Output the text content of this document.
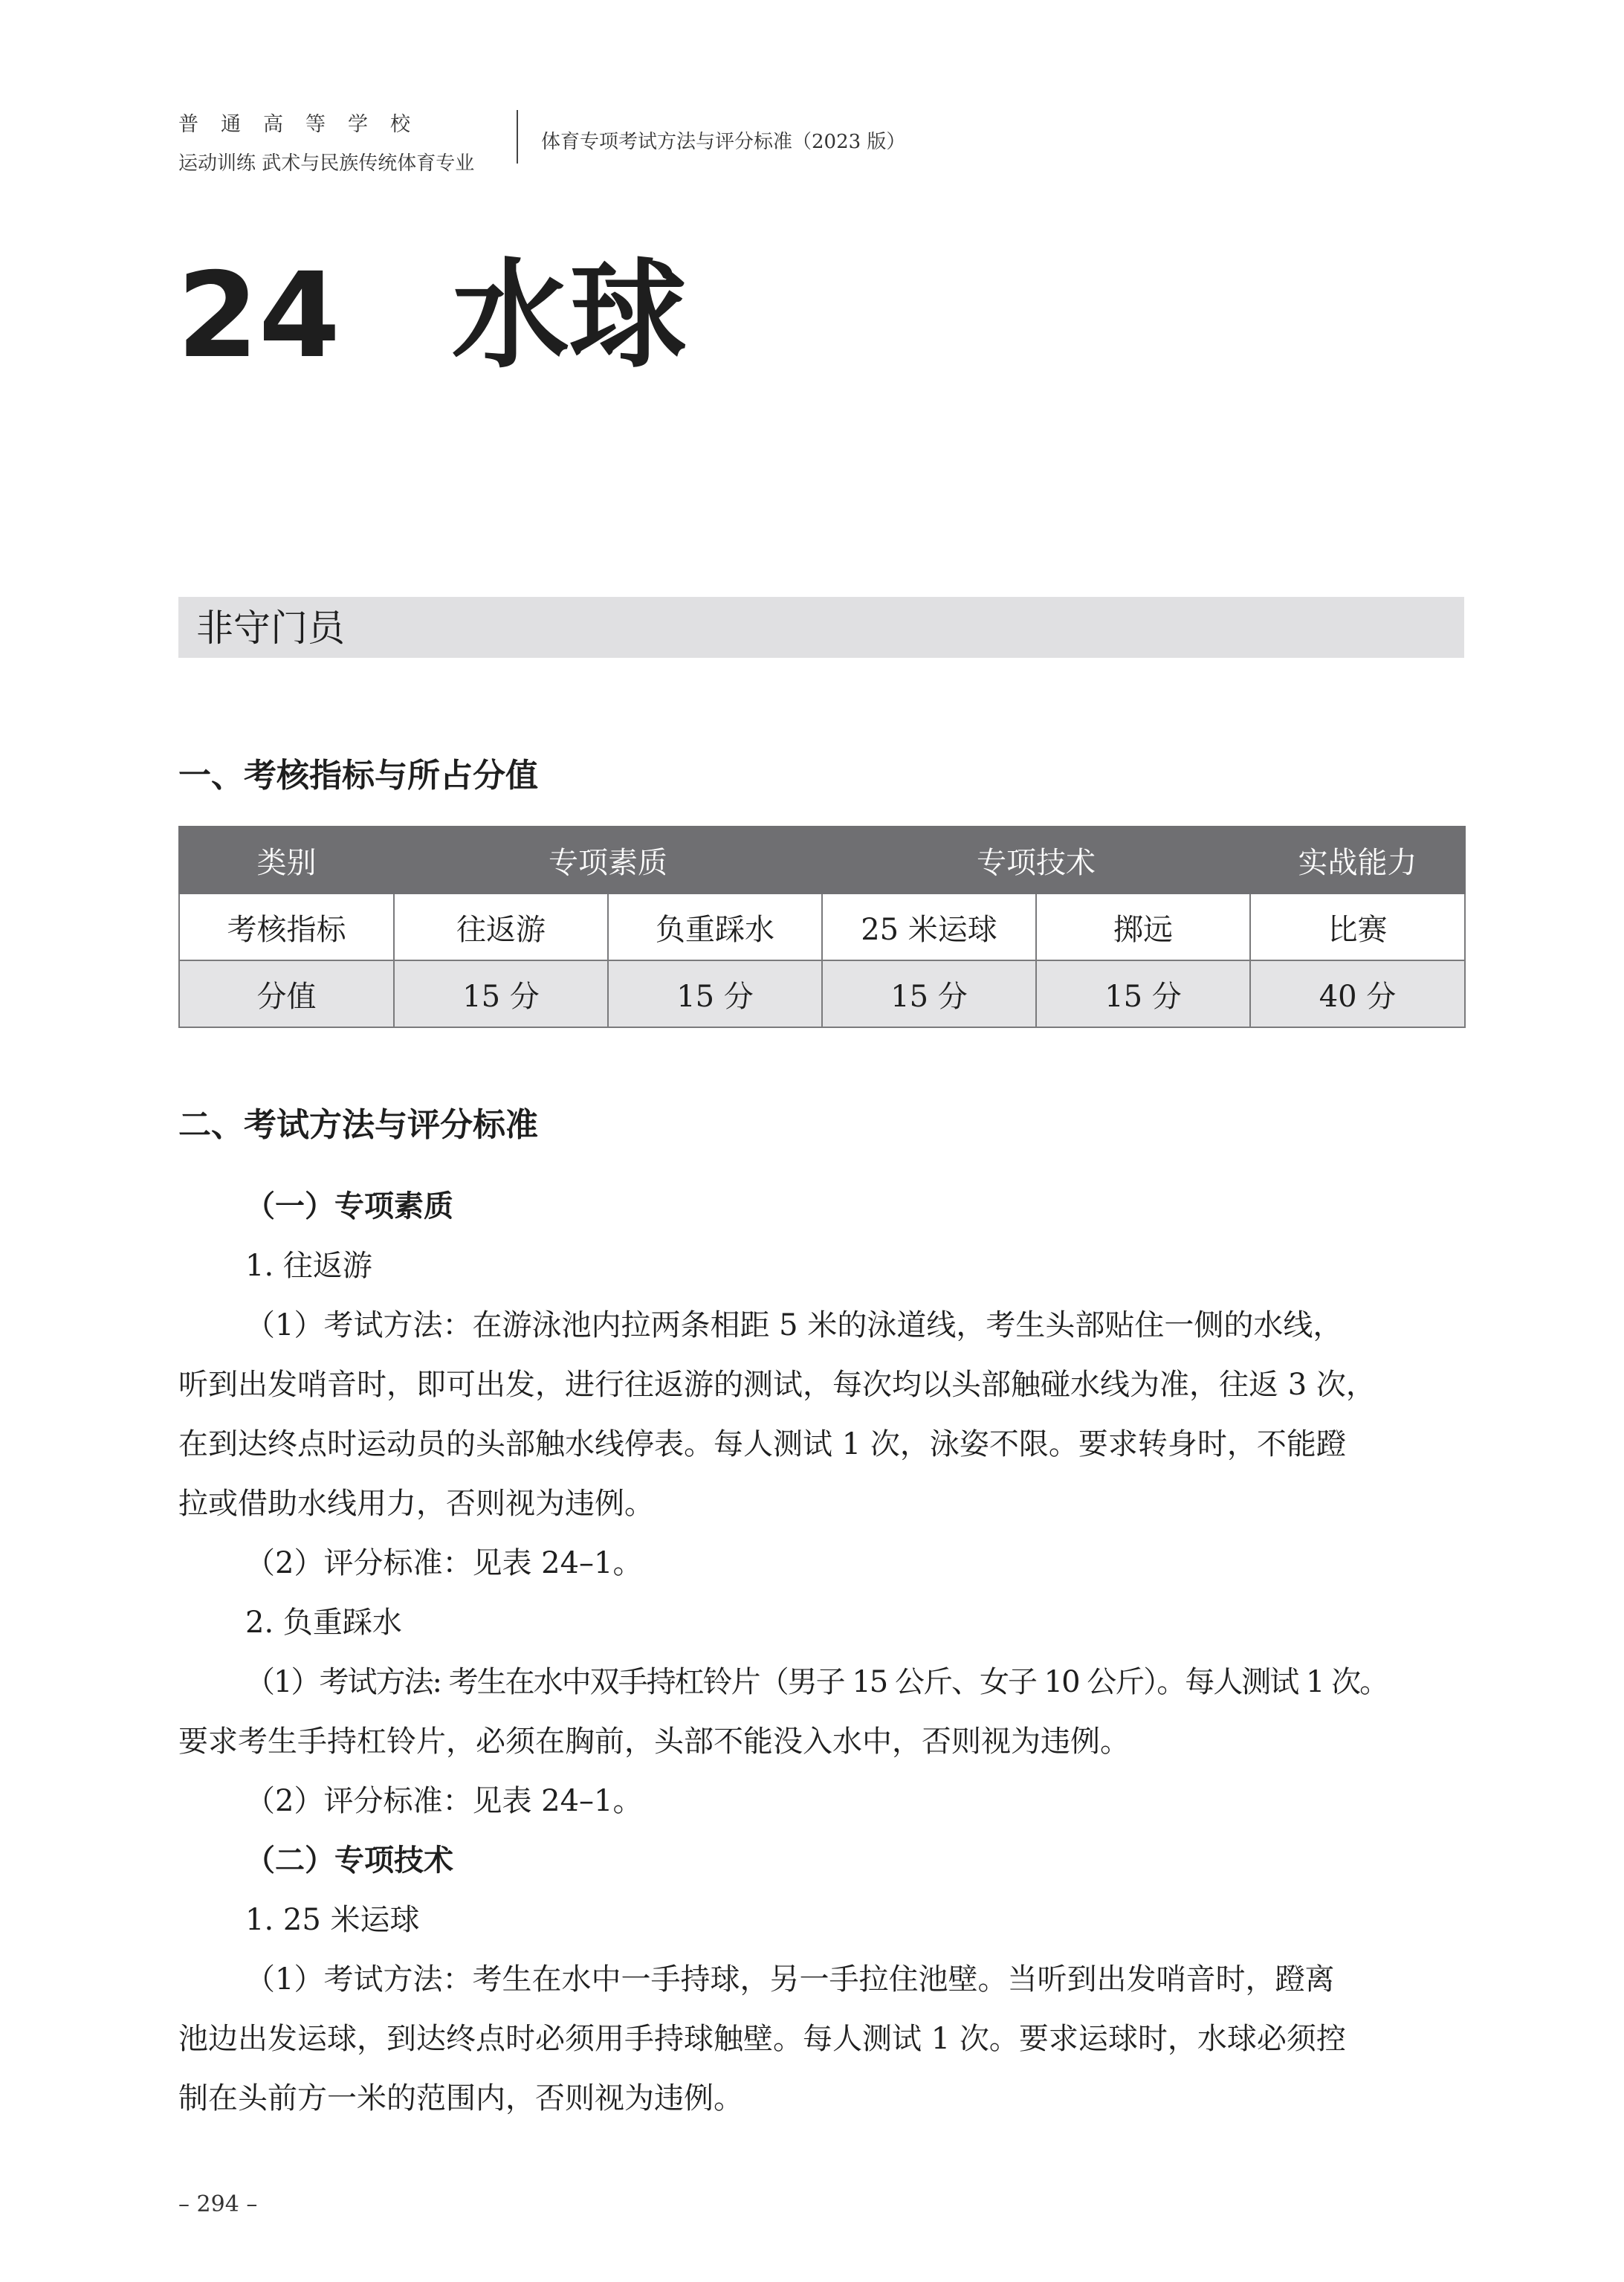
普通高等学校
运动训练 武术与民族传统体育专业
体育专项考试方法与评分标准（2023 版）
24 水球
非守门员
一、考核指标与所占分值
类别	专项素质		专项技术		实战能力
考核指标	往返游	负重踩水	25 米运球	掷远	比赛
分值	15 分	15 分	15 分	15 分	40 分
二、考试方法与评分标准
（一）专项素质
1. 往返游
（1）考试方法：在游泳池内拉两条相距 5 米的泳道线，考生头部贴住一侧的水线，
听到出发哨音时，即可出发，进行往返游的测试，每次均以头部触碰水线为准，往返 3 次，
在到达终点时运动员的头部触水线停表。每人测试 1 次，泳姿不限。要求转身时，不能蹬
拉或借助水线用力，否则视为违例。
（2）评分标准：见表 24–1。
2. 负重踩水
（1）考试方法: 考生在水中双手持杠铃片（男子 15 公斤、女子 10 公斤）。每人测试 1 次。
要求考生手持杠铃片，必须在胸前，头部不能没入水中，否则视为违例。
（2）评分标准：见表 24–1。
（二）专项技术
1. 25 米运球
（1）考试方法：考生在水中一手持球，另一手拉住池壁。当听到出发哨音时，蹬离
池边出发运球，到达终点时必须用手持球触壁。每人测试 1 次。要求运球时，水球必须控
制在头前方一米的范围内，否则视为违例。
– 294 –
